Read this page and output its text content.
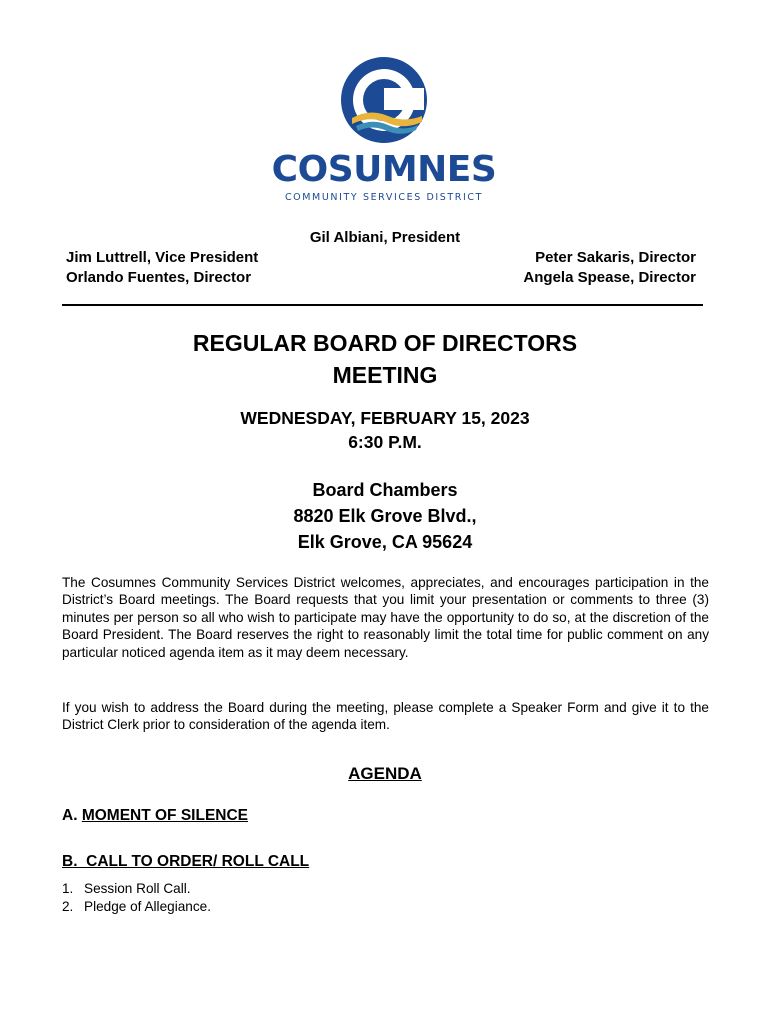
COSUMNES
COMMUNITY SERVICES DISTRICT
Gil Albiani, President
Jim Luttrell, Vice President
Orlando Fuentes, Director
Peter Sakaris, Director
Angela Spease, Director
REGULAR BOARD OF DIRECTORS
MEETING
WEDNESDAY, FEBRUARY 15, 2023
6:30 P.M.
Board Chambers
8820 Elk Grove Blvd.,
Elk Grove, CA 95624
The Cosumnes Community Services District welcomes, appreciates, and encourages participation in the District’s Board meetings. The Board requests that you limit your presentation or comments to three (3) minutes per person so all who wish to participate may have the opportunity to do so, at the discretion of the Board President. The Board reserves the right to reasonably limit the total time for public comment on any particular noticed agenda item as it may deem necessary.
If you wish to address the Board during the meeting, please complete a Speaker Form and give it to the District Clerk prior to consideration of the agenda item.
AGENDA
A. MOMENT OF SILENCE
B. CALL TO ORDER/ ROLL CALL
1. Session Roll Call.
2. Pledge of Allegiance.
